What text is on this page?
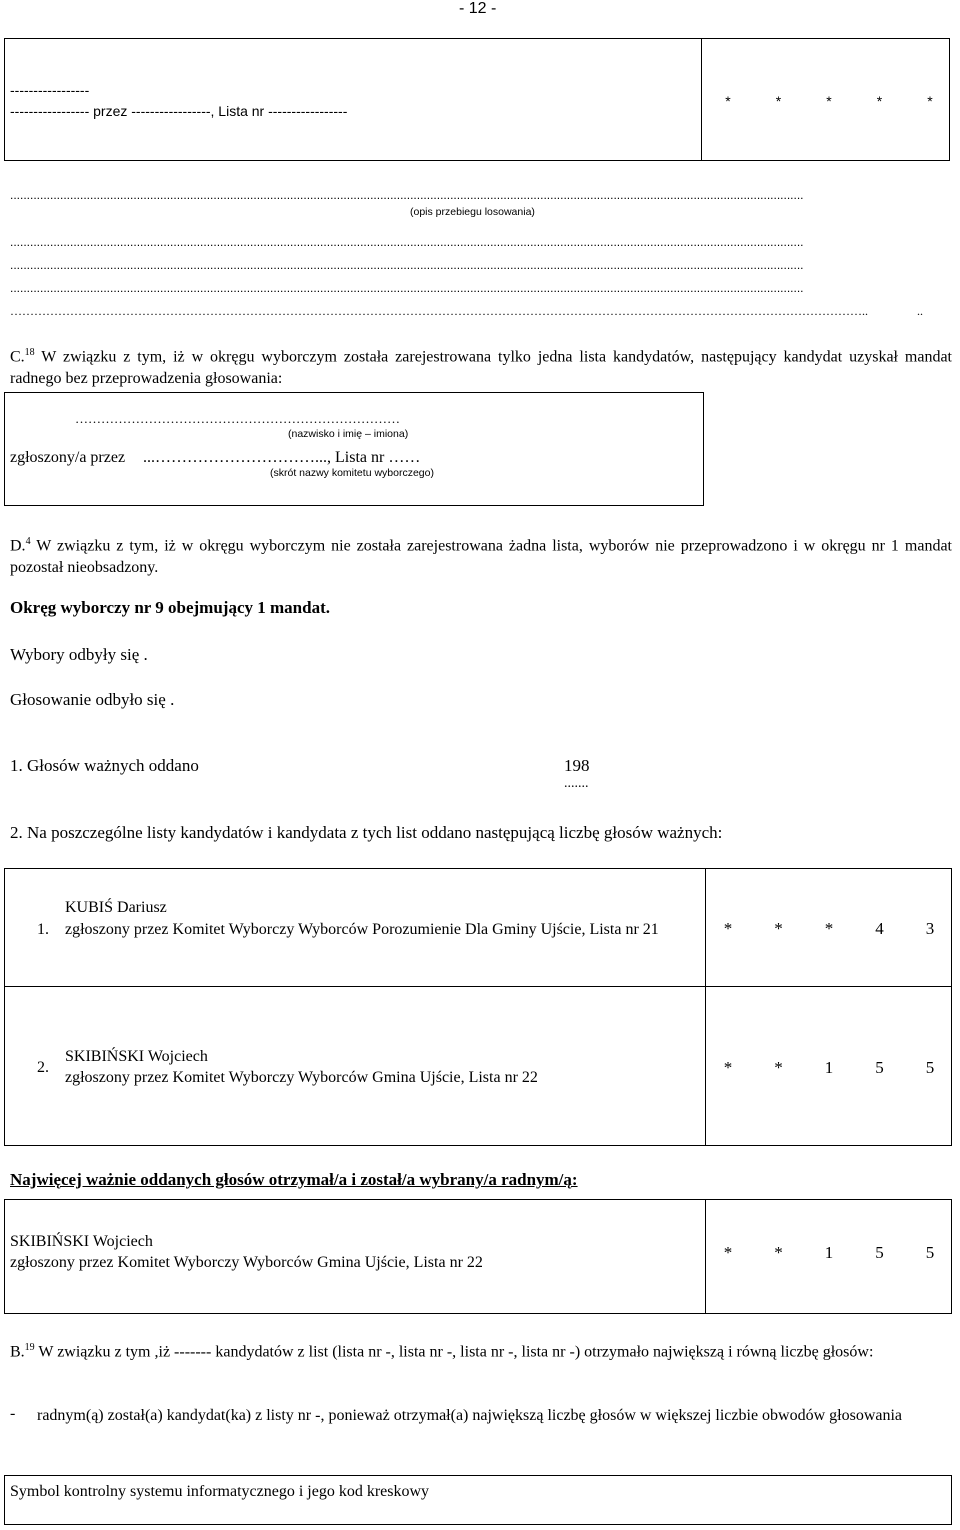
- 12 -
-----------------
----------------- przez -----------------, Lista nr -----------------
*	*	*	*	*
..............................................................................................................................................................................................................................................
(opis przebiegu losowania)
..............................................................................................................................................................................................................................................
..............................................................................................................................................................................................................................................
..............................................................................................................................................................................................................................................
……………………………………………………………………………………………………………………………………………………………………………………………..	..
C.$^{18}$ W związku z tym, iż w okręgu wyborczym została zarejestrowana tylko jedna lista kandydatów, następujący kandydat uzyskał mandat radnego bez przeprowadzenia głosowania:
…………………………………………………………………
(nazwisko i imię – imiona)
zgłoszony/a przez ...…………………………..., Lista nr ……
(skrót nazwy komitetu wyborczego)
D.$^4$ W związku z tym, iż w okręgu wyborczym nie została zarejestrowana żadna lista, wyborów nie przeprowadzono i w okręgu nr 1 mandat pozostał nieobsadzony.
Okręg wyborczy nr 9 obejmujący 1 mandat.
Wybory odbyły się .
Głosowanie odbyło się .
1. Głosów ważnych oddano	198
.......
2. Na poszczególne listy kandydatów i kandydata z tych list oddano następującą liczbę głosów ważnych:
1.
KUBIŚ Dariusz
zgłoszony przez Komitet Wyborczy Wyborców Porozumienie Dla Gminy Ujście, Lista nr 21	* * * 4 3
2.
SKIBIŃSKI Wojciech
zgłoszony przez Komitet Wyborczy Wyborców Gmina Ujście, Lista nr 22
* * 1 5 5
Najwięcej ważnie oddanych głosów otrzymał/a i został/a wybrany/a radnym/ą:
SKIBIŃSKI Wojciech
zgłoszony przez Komitet Wyborczy Wyborców Gmina Ujście, Lista nr 22
* * 1 5 5
B.$^{19}$ W związku z tym ,iż ------- kandydatów z list (lista nr -, lista nr -, lista nr -, lista nr -) otrzymało największą i równą liczbę głosów:
- radnym(ą) został(a) kandydat(ka) z listy nr -, ponieważ otrzymał(a) największą liczbę głosów w większej liczbie obwodów głosowania
Symbol kontrolny systemu informatycznego i jego kod kreskowy
